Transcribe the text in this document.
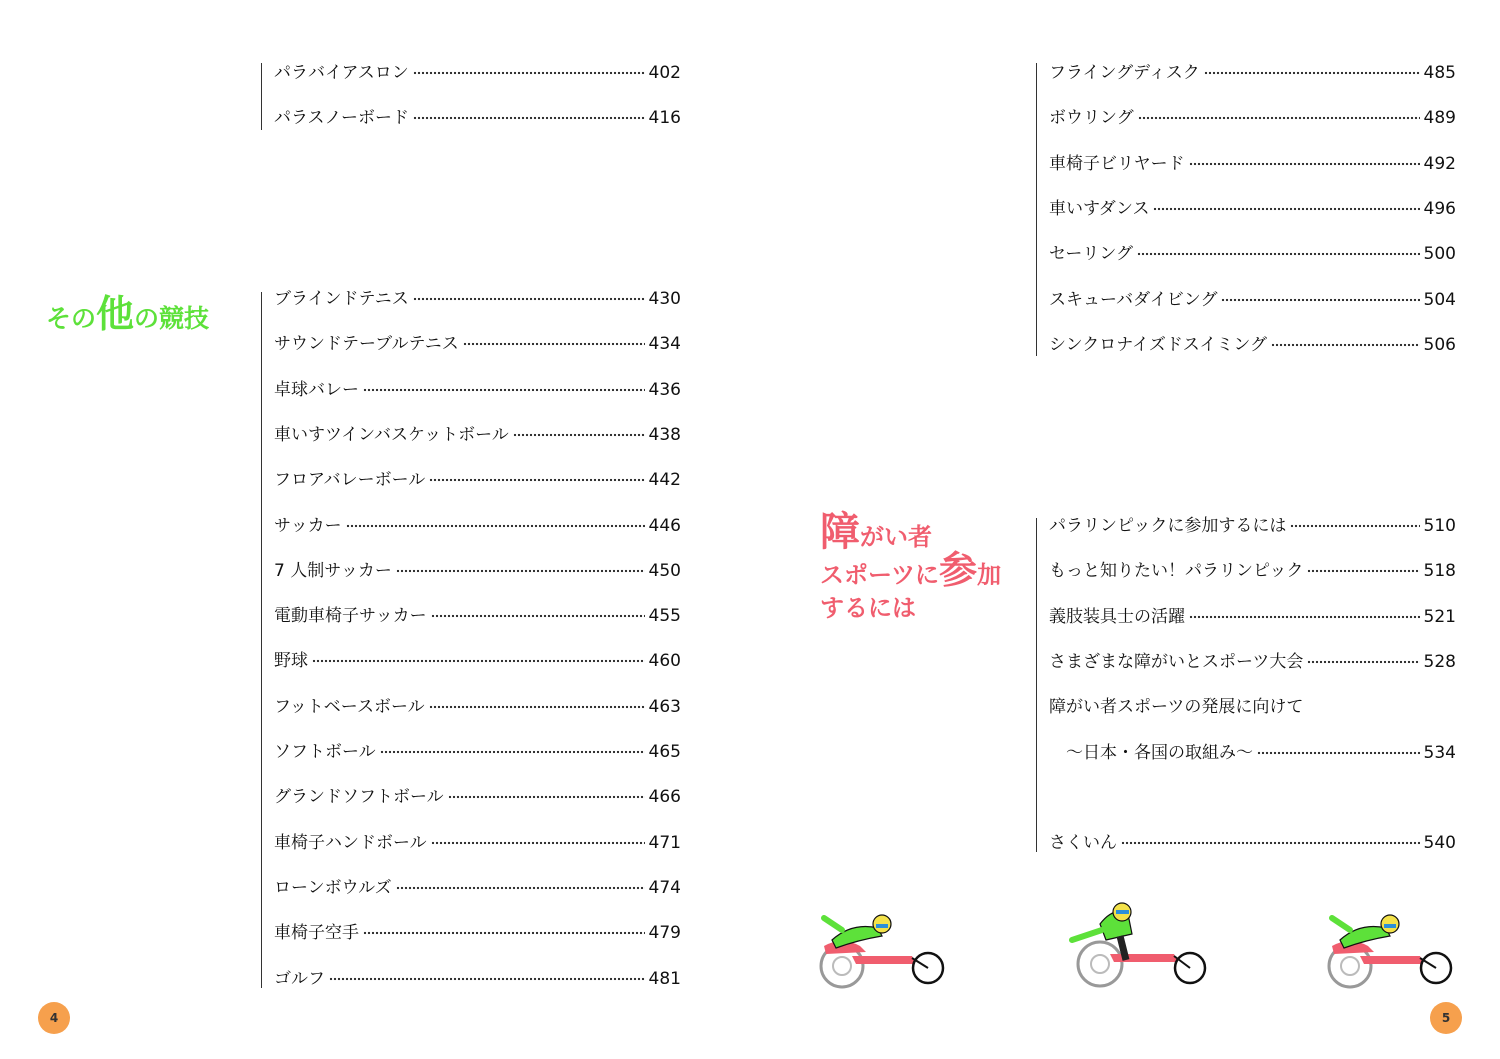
パラバイアスロン	402
パラスノーボード	416
その他の競技
ブラインドテニス	430
サウンドテーブルテニス	434
卓球バレー	436
車いすツインバスケットボール	438
フロアバレーボール	442
サッカー	446
7 人制サッカー	450
電動車椅子サッカー	455
野球	460
フットベースボール	463
ソフトボール	465
グランドソフトボール	466
車椅子ハンドボール	471
ローンボウルズ	474
車椅子空手	479
ゴルフ	481
フライングディスク	485
ボウリング	489
車椅子ビリヤード	492
車いすダンス	496
セーリング	500
スキューバダイビング	504
シンクロナイズドスイミング	506
障がい者
スポーツに参加
するには
パラリンピックに参加するには	510
もっと知りたい！パラリンピック	518
義肢装具士の活躍	521
さまざまな障がいとスポーツ大会	528
障がい者スポーツの発展に向けて
～日本・各国の取組み～	534
さくいん	540
4	5
